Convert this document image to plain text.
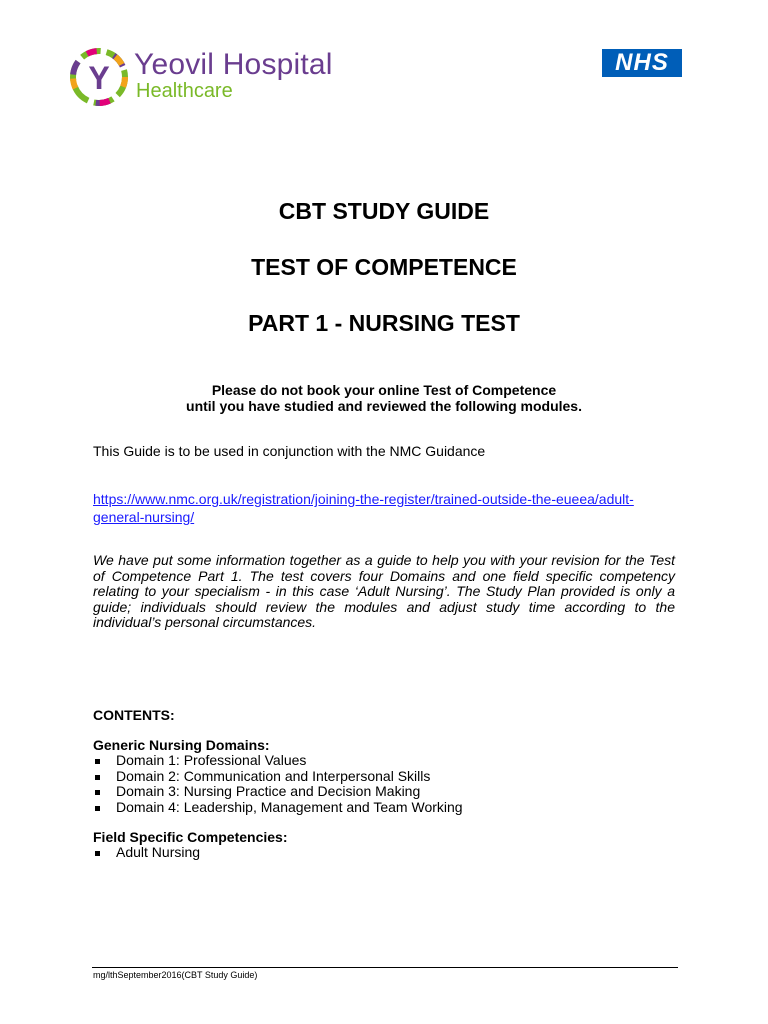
Y Yeovil Hospital
Healthcare
NHS
CBT STUDY GUIDE
TEST OF COMPETENCE
PART 1 - NURSING TEST
Please do not book your online Test of Competence
until you have studied and reviewed the following modules.
This Guide is to be used in conjunction with the NMC Guidance
https://www.nmc.org.uk/registration/joining-the-register/trained-outside-the-eueea/adult-general-nursing/
We have put some information together as a guide to help you with your revision for the Test of Competence Part 1. The test covers four Domains and one field specific competency relating to your specialism - in this case ‘Adult Nursing’. The Study Plan provided is only a guide; individuals should review the modules and adjust study time according to the individual’s personal circumstances.
CONTENTS:
Generic Nursing Domains:
Domain 1: Professional Values
Domain 2: Communication and Interpersonal Skills
Domain 3: Nursing Practice and Decision Making
Domain 4: Leadership, Management and Team Working
Field Specific Competencies:
Adult Nursing
mg/lthSeptember2016(CBT Study Guide)
